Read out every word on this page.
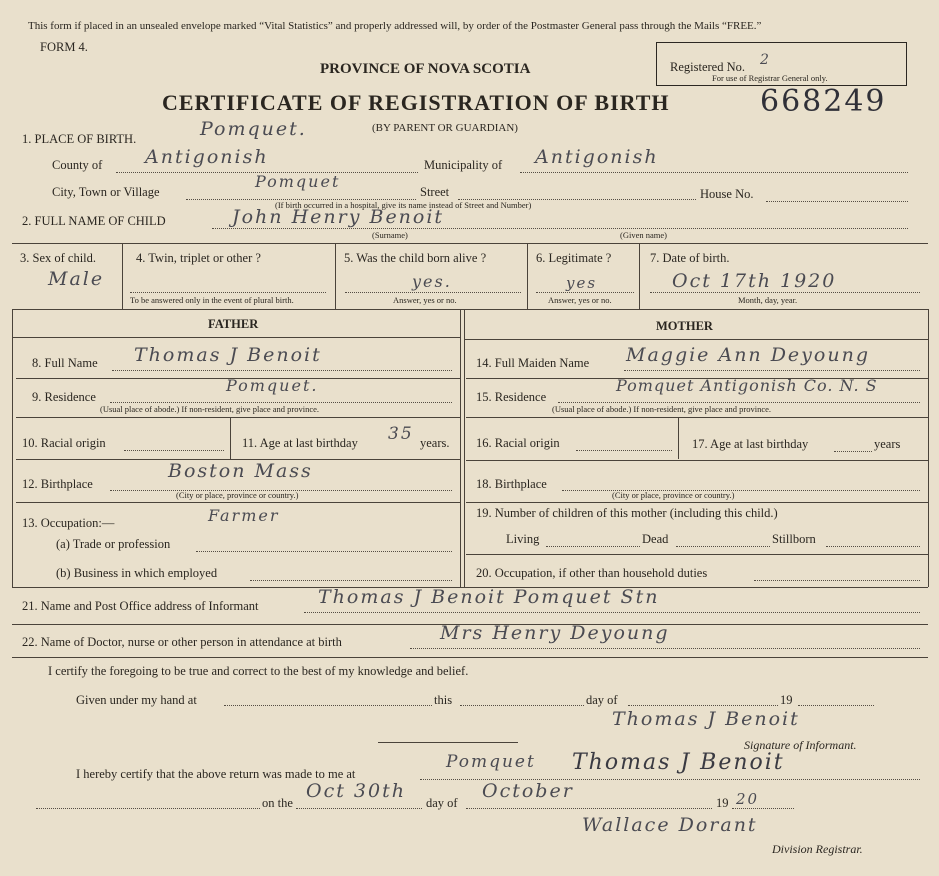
This form if placed in an unsealed envelope marked “Vital Statistics” and properly addressed will, by order of the Postmaster General pass through the Mails “FREE.”
FORM 4.
PROVINCE OF NOVA SCOTIA	Registered No. 2
For use of Registrar General only.
CERTIFICATE OF REGISTRATION OF BIRTH	668249
(BY PARENT OR GUARDIAN)
1. PLACE OF BIRTH.	Pomquet.
County of Antigonish	Municipality of Antigonish
City, Town or Village
Pomquet
Street	House No.
(If birth occurred in a hospital, give its name instead of Street and Number)
2. FULL NAME OF CHILD	John Henry Benoit
(Surname)	(Given name)
3. Sex of child.
Male
4. Twin, triplet or other ?
To be answered only in the event of plural birth.
5. Was the child born alive ?
yes.
Answer, yes or no.
6. Legitimate ?
yes
Answer, yes or no.
7. Date of birth.
Oct 17th 1920
Month, day, year.
FATHER	MOTHER
8. Full Name Thomas J Benoit
9. Residence
Pomquet.
(Usual place of abode.) If non-resident, give place and province.
10. Racial origin	11. Age at last birthday 35 years.
12. Birthplace
Boston Mass
(City or place, province or country.)
13. Occupation:—	Farmer
(a) Trade or profession
(b) Business in which employed
14. Full Maiden Name Maggie Ann Deyoung
15. Residence
Pomquet Antigonish Co. N. S
(Usual place of abode.) If non-resident, give place and province.
16. Racial origin	17. Age at last birthday	years
18. Birthplace
(City or place, province or country.)
19. Number of children of this mother (including this child.)
Living	Dead	Stillborn
20. Occupation, if other than household duties
21. Name and Post Office address of Informant	Thomas J Benoit Pomquet Stn
22. Name of Doctor, nurse or other person in attendance at birth	Mrs Henry Deyoung
I certify the foregoing to be true and correct to the best of my knowledge and belief.
Given under my hand at	this	day of	19
Thomas J Benoit
Signature of Informant.
I hereby certify that the above return was made to me at
Pomquet Thomas J Benoit
on the
Oct 30th
day of
October
19 20
Wallace Dorant
Division Registrar.
